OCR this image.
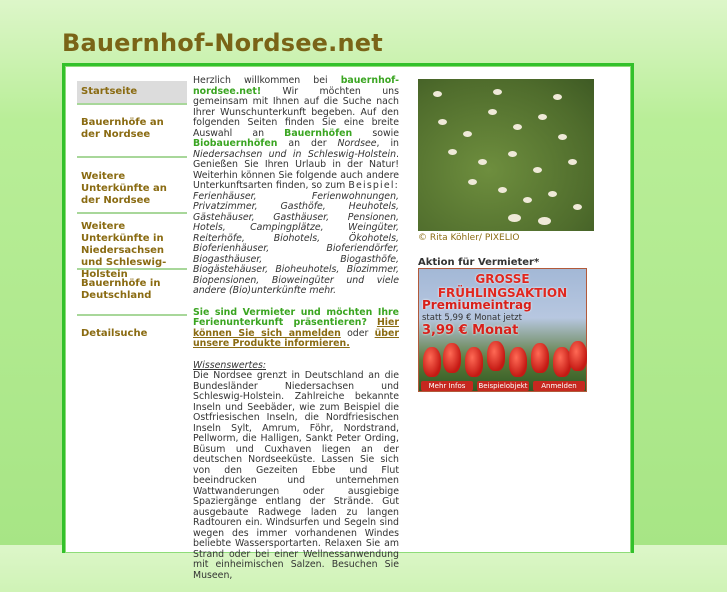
Bauernhof-Nordsee.net
Startseite
Bauernhöfe an der Nordsee
Weitere Unterkünfte an der Nordsee
Weitere Unterkünfte in Niedersachsen und Schleswig-Holstein
Bauernhöfe in Deutschland
Detailsuche

Herzlich willkommen bei bauernhof-nordsee.net! Wir möchten uns gemeinsam mit Ihnen auf die Suche nach Ihrer Wunschunterkunft begeben. Auf den folgenden Seiten finden Sie eine breite Auswahl an Bauernhöfen sowie Biobauernhöfen an der Nordsee, in Niedersachsen und in Schleswig-Holstein. Genießen Sie Ihren Urlaub in der Natur! Weiterhin können Sie folgende auch andere Unterkunftsarten finden, so zum Beispiel: Ferienhäuser, Ferienwohnungen, Privatzimmer, Gasthöfe, Heuhotels, Gästehäuser, Gasthäuser, Pensionen, Hotels, Campingplätze, Weingüter, Reiterhöfe, Biohotels, Ökohotels, Bioferienhäuser, Bioferiendörfer, Biogasthäuser, Biogasthöfe, Biogästehäuser, Bioheuhotels, Biozimmer, Biopensionen, Bioweingüter und viele andere (Bio)unterkünfte mehr.

Sie sind Vermieter und möchten Ihre Ferienunterkunft präsentieren? Hier können Sie sich anmelden oder über unsere Produkte informieren.

Wissenswertes:
Die Nordsee grenzt in Deutschland an die Bundesländer Niedersachsen und Schleswig-Holstein. Zahlreiche bekannte Inseln und Seebäder, wie zum Beispiel die Ostfriesischen Inseln, die Nordfriesischen Inseln Sylt, Amrum, Föhr, Nordstrand, Pellworm, die Halligen, Sankt Peter Ording, Büsum und Cuxhaven liegen an der deutschen Nordseeküste. Lassen Sie sich von den Gezeiten Ebbe und Flut beeindrucken und unternehmen Wattwanderungen oder ausgiebige Spaziergänge entlang der Strände. Gut ausgebaute Radwege laden zu langen Radtouren ein. Windsurfen und Segeln sind wegen des immer vorhandenen Windes beliebte Wassersportarten. Relaxen Sie am Strand oder bei einer Wellnessanwendung mit einheimischen Salzen. Besuchen Sie Museen,

© Rita Köhler/ PIXELIO
Aktion für Vermieter*
GROSSE FRÜHLINGSAKTION
Premiumeintrag
statt 5,99 € Monat jetzt
3,99 € Monat
Mehr Infos	Beispielobjekt	Anmelden
